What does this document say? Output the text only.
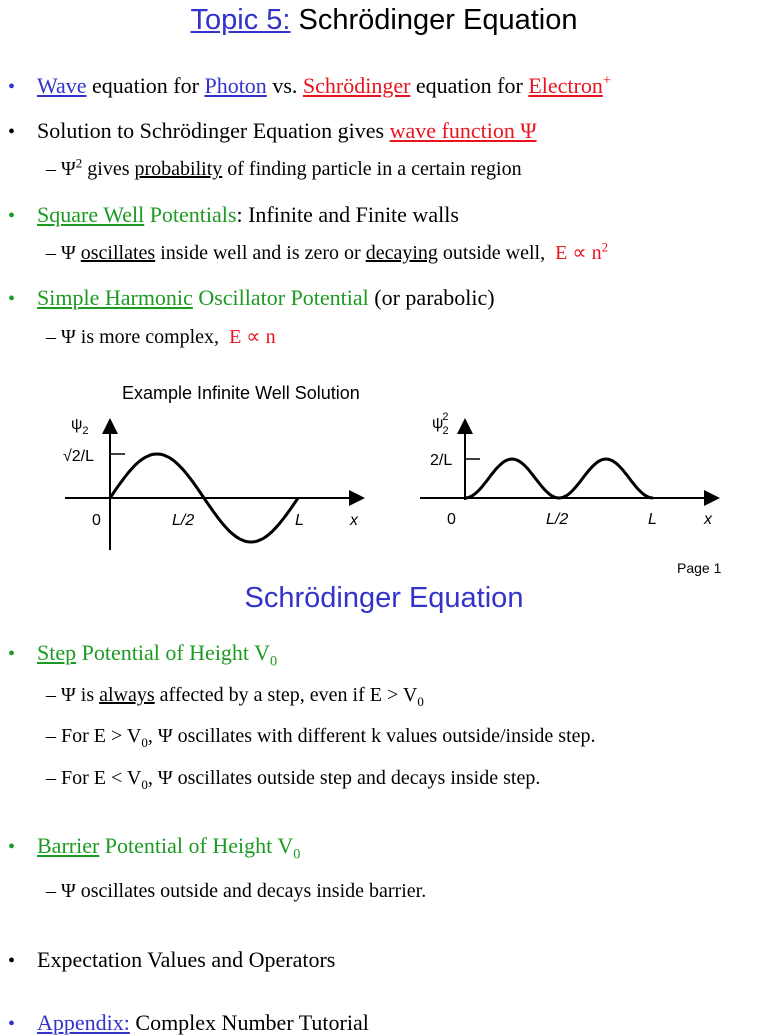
Topic 5: Schrödinger Equation
• Wave equation for Photon vs. Schrödinger equation for Electron+
• Solution to Schrödinger Equation gives wave function Ψ
– $\Psi^2$ gives probability of finding particle in a certain region
• Square Well Potentials: Infinite and Finite walls
– Ψ oscillates inside well and is zero or decaying outside well, $E \propto n^2$
• Simple Harmonic Oscillator Potential (or parabolic)
– Ψ is more complex, E ∝ n
Example Infinite Well Solution
$\psi_2$
√2/L
0	L/2	L	x
ψ2 2
2/L
0	L/2	L	x
Page 1
Schrödinger Equation
• Step Potential of Height $V_0$
– Ψ is always affected by a step, even if $E > V_0$
– For $E > V_0$, Ψ oscillates with different k values outside/inside step.
– For $E < V_0$, Ψ oscillates outside step and decays inside step.
• Barrier Potential of Height $V_0$
– Ψ oscillates outside and decays inside barrier.
• Expectation Values and Operators
• Appendix: Complex Number Tutorial
